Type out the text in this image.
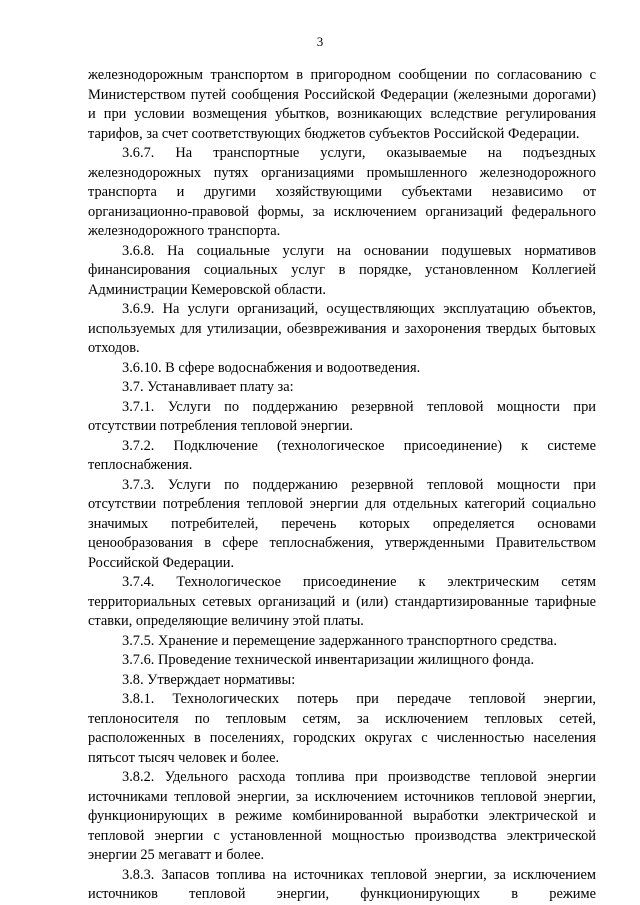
3

железнодорожным транспортом в пригородном сообщении по согласованию с Министерством путей сообщения Российской Федерации (железными дорогами) и при условии возмещения убытков, возникающих вследствие регулирования тарифов, за счет соответствующих бюджетов субъектов Российской Федерации.

3.6.7. На транспортные услуги, оказываемые на подъездных железнодорожных путях организациями промышленного железнодорожного транспорта и другими хозяйствующими субъектами независимо от организационно-правовой формы, за исключением организаций федерального железнодорожного транспорта.

3.6.8. На социальные услуги на основании подушевых нормативов финансирования социальных услуг в порядке, установленном Коллегией Администрации Кемеровской области.

3.6.9. На услуги организаций, осуществляющих эксплуатацию объектов, используемых для утилизации, обезвреживания и захоронения твердых бытовых отходов.

3.6.10. В сфере водоснабжения и водоотведения.

3.7. Устанавливает плату за:

3.7.1. Услуги по поддержанию резервной тепловой мощности при отсутствии потребления тепловой энергии.

3.7.2. Подключение (технологическое присоединение) к системе теплоснабжения.

3.7.3. Услуги по поддержанию резервной тепловой мощности при отсутствии потребления тепловой энергии для отдельных категорий социально значимых потребителей, перечень которых определяется основами ценообразования в сфере теплоснабжения, утвержденными Правительством Российской Федерации.

3.7.4. Технологическое присоединение к электрическим сетям территориальных сетевых организаций и (или) стандартизированные тарифные ставки, определяющие величину этой платы.

3.7.5. Хранение и перемещение задержанного транспортного средства.

3.7.6. Проведение технической инвентаризации жилищного фонда.

3.8. Утверждает нормативы:

3.8.1. Технологических потерь при передаче тепловой энергии, теплоносителя по тепловым сетям, за исключением тепловых сетей, расположенных в поселениях, городских округах с численностью населения пятьсот тысяч человек и более.

3.8.2. Удельного расхода топлива при производстве тепловой энергии источниками тепловой энергии, за исключением источников тепловой энергии, функционирующих в режиме комбинированной выработки электрической и тепловой энергии с установленной мощностью производства электрической энергии 25 мегаватт и более.

3.8.3. Запасов топлива на источниках тепловой энергии, за исключением источников тепловой энергии, функционирующих в режиме
